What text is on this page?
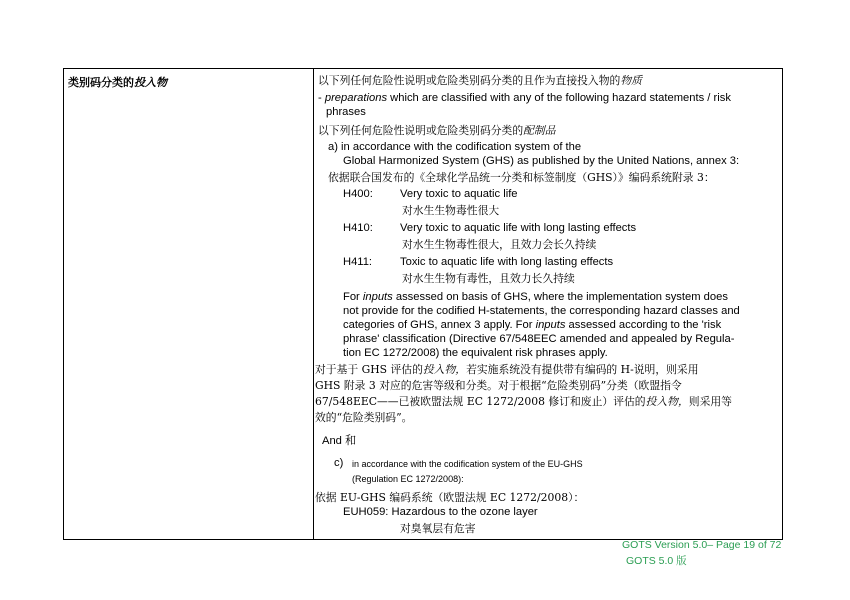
类别码分类的投入物	以下列任何危险性说明或危险类别码分类的且作为直接投入物的物质
- preparations which are classified with any of the following hazard statements / risk
phrases
以下列任何危险性说明或危险类别码分类的配制品
a) in accordance with the codification system of the
Global Harmonized System (GHS) as published by the United Nations, annex 3:
依据联合国发布的《全球化学品统一分类和标签制度（GHS）》编码系统附录 3：
H400: Very toxic to aquatic life
对水生生物毒性很大
H410: Very toxic to aquatic life with long lasting effects
对水生生物毒性很大，且效力会长久持续
H411: Toxic to aquatic life with long lasting effects
对水生生物有毒性，且效力长久持续
For inputs assessed on basis of GHS, where the implementation system does
not provide for the codified H-statements, the corresponding hazard classes and
categories of GHS, annex 3 apply. For inputs assessed according to the 'risk
phrase' classification (Directive 67/548EEC amended and appealed by Regula-
tion EC 1272/2008) the equivalent risk phrases apply.
对于基于 GHS 评估的投入物，若实施系统没有提供带有编码的 H-说明，则采用
GHS 附录 3 对应的危害等级和分类。对于根据“危险类别码”分类（欧盟指令
67/548EEC——已被欧盟法规 EC 1272/2008 修订和废止）评估的投入物，则采用等
效的“危险类别码”。
And 和
c) in accordance with the codification system of the EU-GHS
(Regulation EC 1272/2008):
依据 EU-GHS 编码系统（欧盟法规 EC 1272/2008）：
EUH059: Hazardous to the ozone layer
对臭氧层有危害
GOTS Version 5.0– Page 19 of 72
GOTS 5.0 版
